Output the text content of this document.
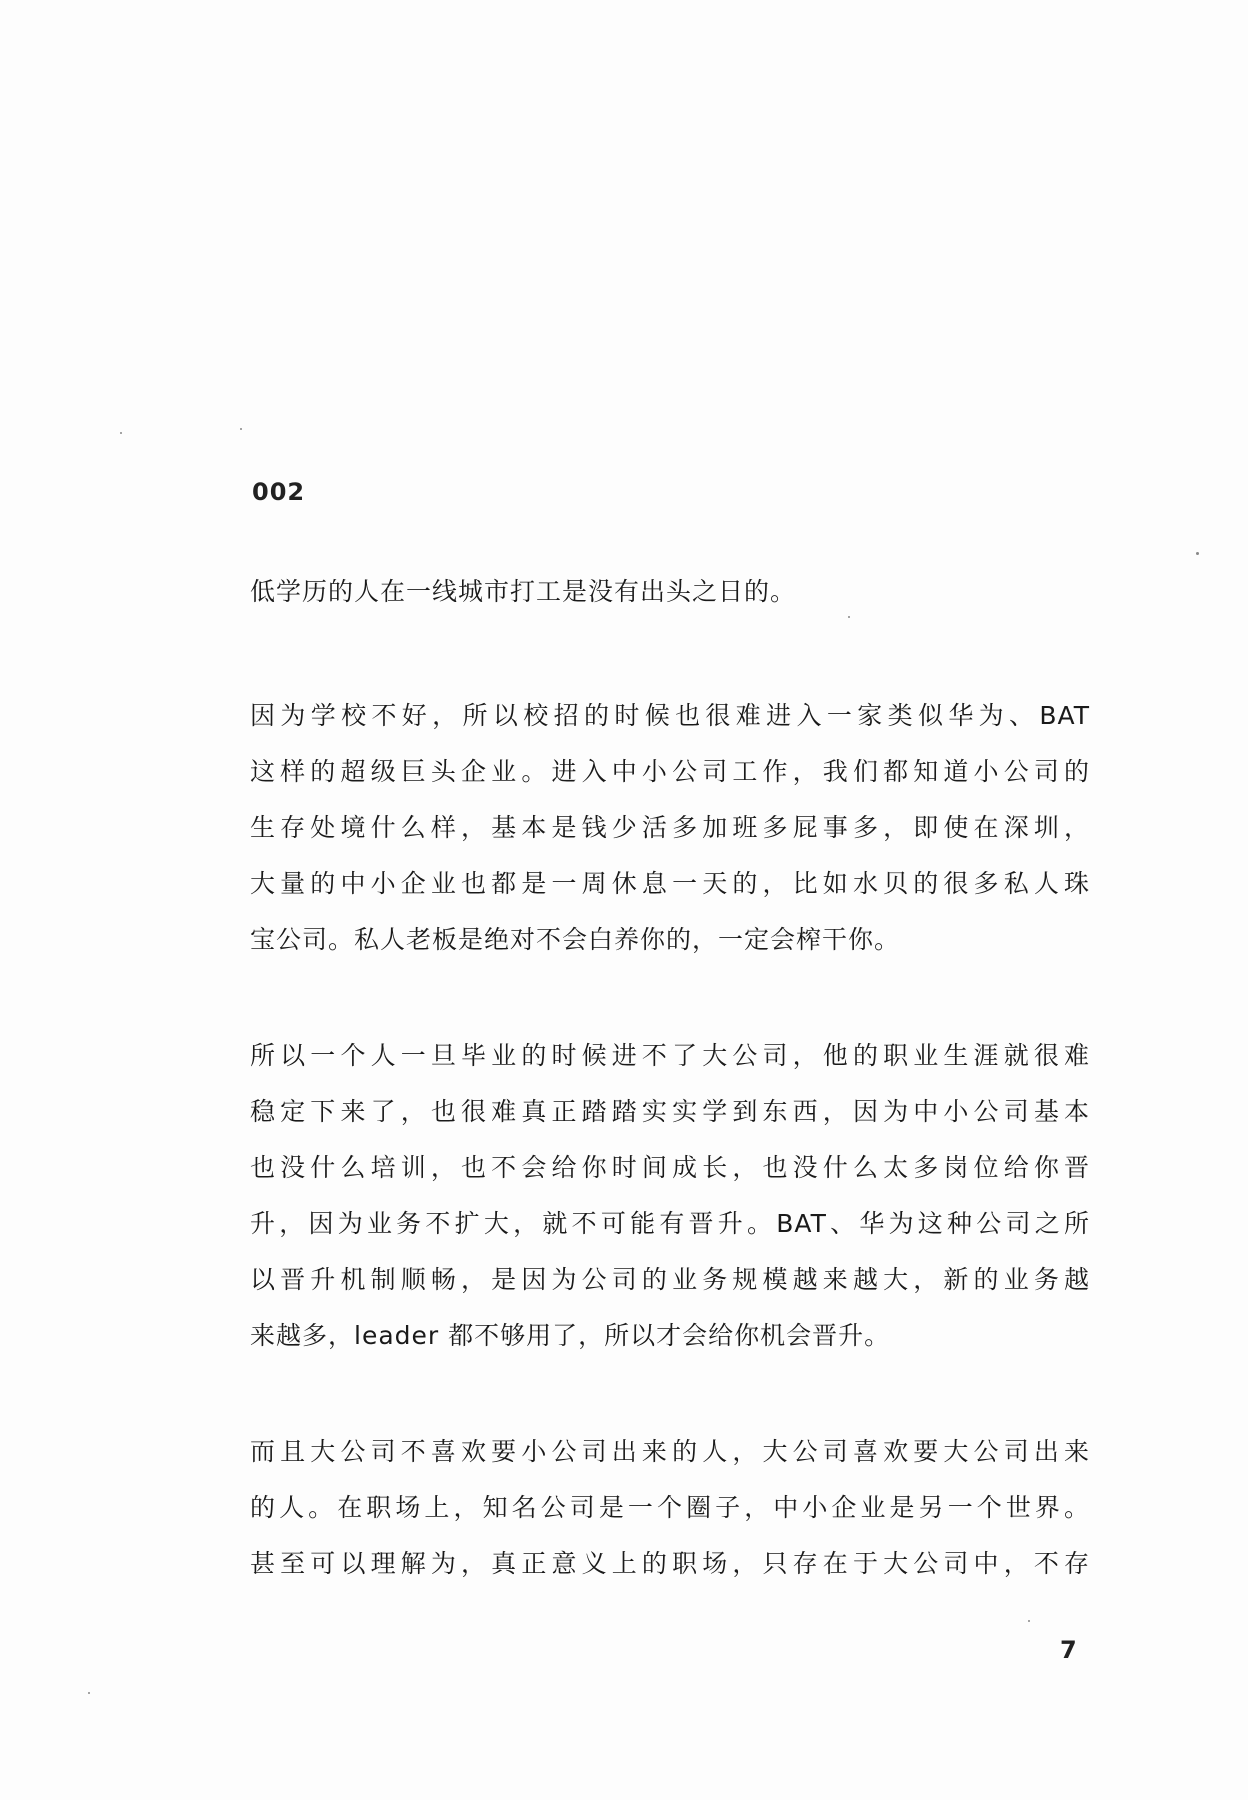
002
低学历的人在一线城市打工是没有出头之日的。
因为学校不好，所以校招的时候也很难进入一家类似华为、BAT
这样的超级巨头企业。进入中小公司工作，我们都知道小公司的
生存处境什么样，基本是钱少活多加班多屁事多，即使在深圳，
大量的中小企业也都是一周休息一天的，比如水贝的很多私人珠
宝公司。私人老板是绝对不会白养你的，一定会榨干你。
所以一个人一旦毕业的时候进不了大公司，他的职业生涯就很难
稳定下来了，也很难真正踏踏实实学到东西，因为中小公司基本
也没什么培训，也不会给你时间成长，也没什么太多岗位给你晋
升，因为业务不扩大，就不可能有晋升。BAT、华为这种公司之所
以晋升机制顺畅，是因为公司的业务规模越来越大，新的业务越
来越多，leader 都不够用了，所以才会给你机会晋升。
而且大公司不喜欢要小公司出来的人，大公司喜欢要大公司出来
的人。在职场上，知名公司是一个圈子，中小企业是另一个世界。
甚至可以理解为，真正意义上的职场，只存在于大公司中，不存
7
